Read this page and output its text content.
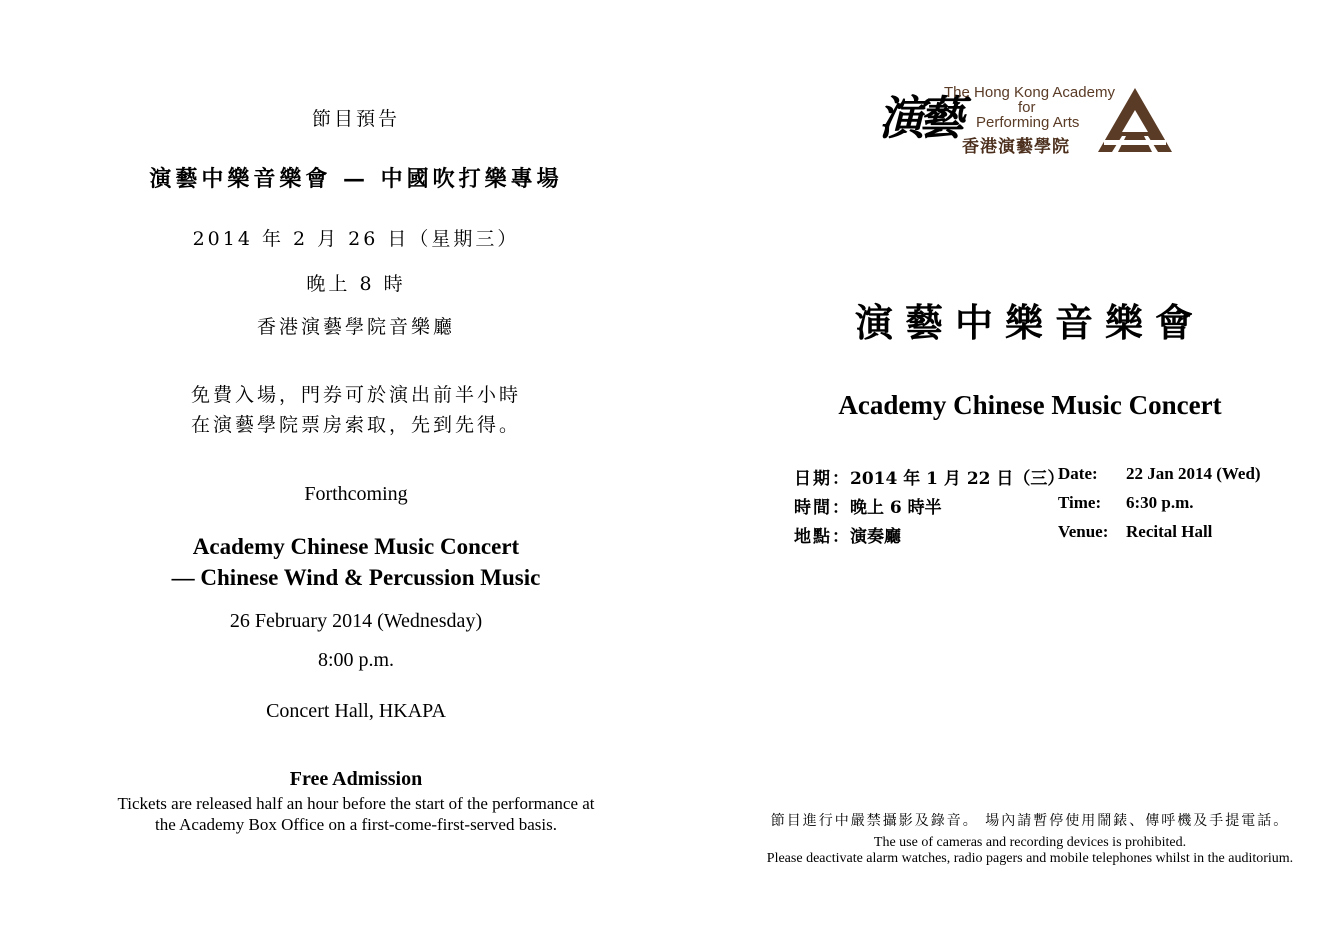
節目預告
演藝中樂音樂會 — 中國吹打樂專場
2014 年 2 月 26 日（星期三）
晚上 8 時
香港演藝學院音樂廳
免費入場，門券可於演出前半小時
在演藝學院票房索取，先到先得。
Forthcoming
Academy Chinese Music Concert
— Chinese Wind & Percussion Music
26 February 2014 (Wednesday)
8:00 p.m.
Concert Hall, HKAPA
Free Admission
Tickets are released half an hour before the start of the performance at
the Academy Box Office on a first-come-first-served basis.
演藝
The Hong Kong Academy
for
Performing Arts
香港演藝學院
演藝中樂音樂會
Academy Chinese Music Concert
日期： 2014 年 1 月 22 日（三）
Date: 22 Jan 2014 (Wed)
時間： 晚上 6 時半	Time: 6:30 p.m.
地點： 演奏廳	Venue: Recital Hall
節目進行中嚴禁攝影及錄音。 場內請暫停使用鬧錶、傳呼機及手提電話。
The use of cameras and recording devices is prohibited.
Please deactivate alarm watches, radio pagers and mobile telephones whilst in the auditorium.
